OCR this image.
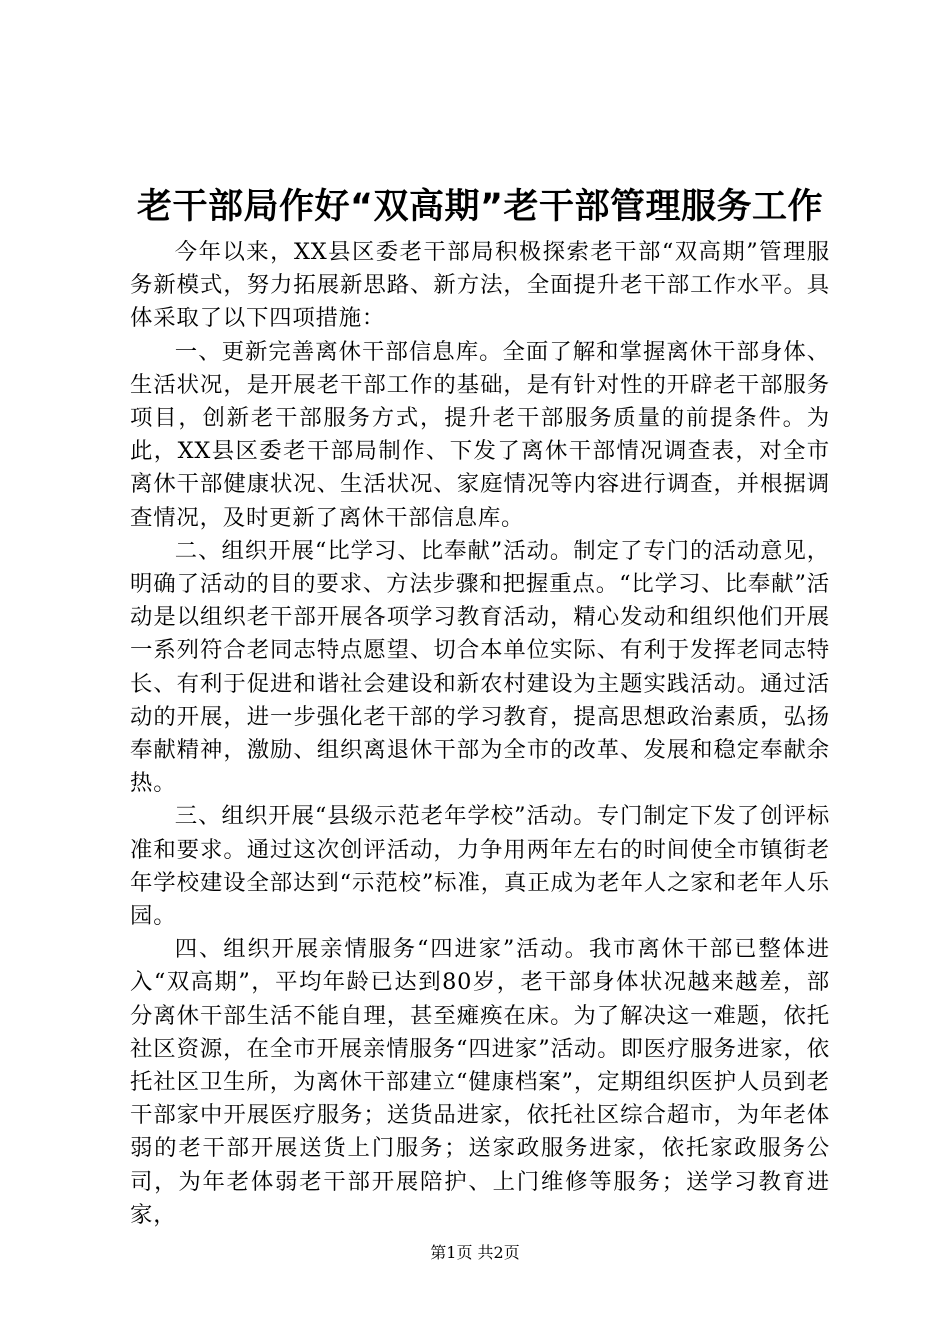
老干部局作好“双高期”老干部管理服务工作

今年以来，XX县区委老干部局积极探索老干部“双高期”管理服务新模式，努力拓展新思路、新方法，全面提升老干部工作水平。具体采取了以下四项措施：

一、更新完善离休干部信息库。全面了解和掌握离休干部身体、生活状况，是开展老干部工作的基础，是有针对性的开辟老干部服务项目，创新老干部服务方式，提升老干部服务质量的前提条件。为此，XX县区委老干部局制作、下发了离休干部情况调查表，对全市离休干部健康状况、生活状况、家庭情况等内容进行调查，并根据调查情况，及时更新了离休干部信息库。

二、组织开展“比学习、比奉献”活动。制定了专门的活动意见，明确了活动的目的要求、方法步骤和把握重点。“比学习、比奉献”活动是以组织老干部开展各项学习教育活动，精心发动和组织他们开展一系列符合老同志特点愿望、切合本单位实际、有利于发挥老同志特长、有利于促进和谐社会建设和新农村建设为主题实践活动。通过活动的开展，进一步强化老干部的学习教育，提高思想政治素质，弘扬奉献精神，激励、组织离退休干部为全市的改革、发展和稳定奉献余热。

三、组织开展“县级示范老年学校”活动。专门制定下发了创评标准和要求。通过这次创评活动，力争用两年左右的时间使全市镇街老年学校建设全部达到“示范校”标准，真正成为老年人之家和老年人乐园。

四、组织开展亲情服务“四进家”活动。我市离休干部已整体进入“双高期”，平均年龄已达到80岁，老干部身体状况越来越差，部分离休干部生活不能自理，甚至瘫痪在床。为了解决这一难题，依托社区资源，在全市开展亲情服务“四进家”活动。即医疗服务进家，依托社区卫生所，为离休干部建立“健康档案”，定期组织医护人员到老干部家中开展医疗服务；送货品进家，依托社区综合超市，为年老体弱的老干部开展送货上门服务；送家政服务进家，依托家政服务公司，为年老体弱老干部开展陪护、上门维修等服务；送学习教育进家，

第1页 共2页
